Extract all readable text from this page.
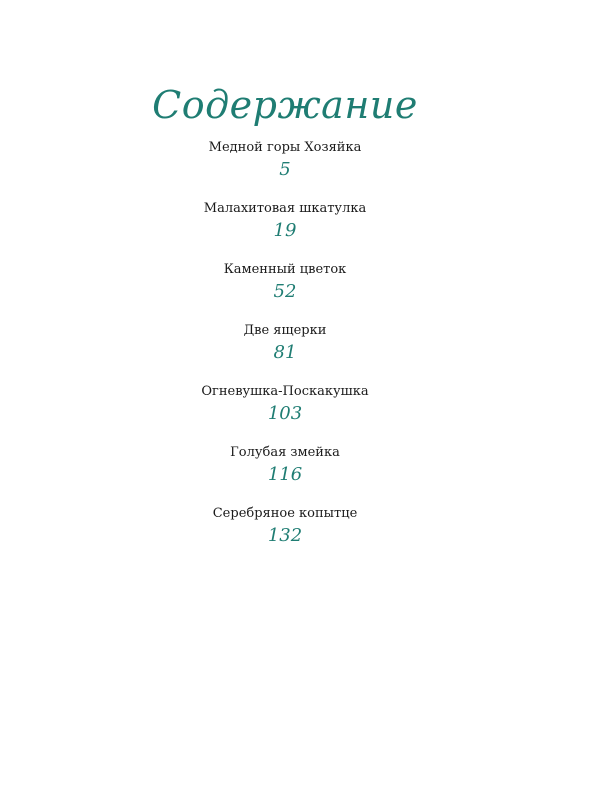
Содержание
Медной горы Хозяйка
5
Малахитовая шкатулка
19
Каменный цветок
52
Две ящерки
81
Огневушка-Поскакушка
103
Голубая змейка
116
Серебряное копытце
132
